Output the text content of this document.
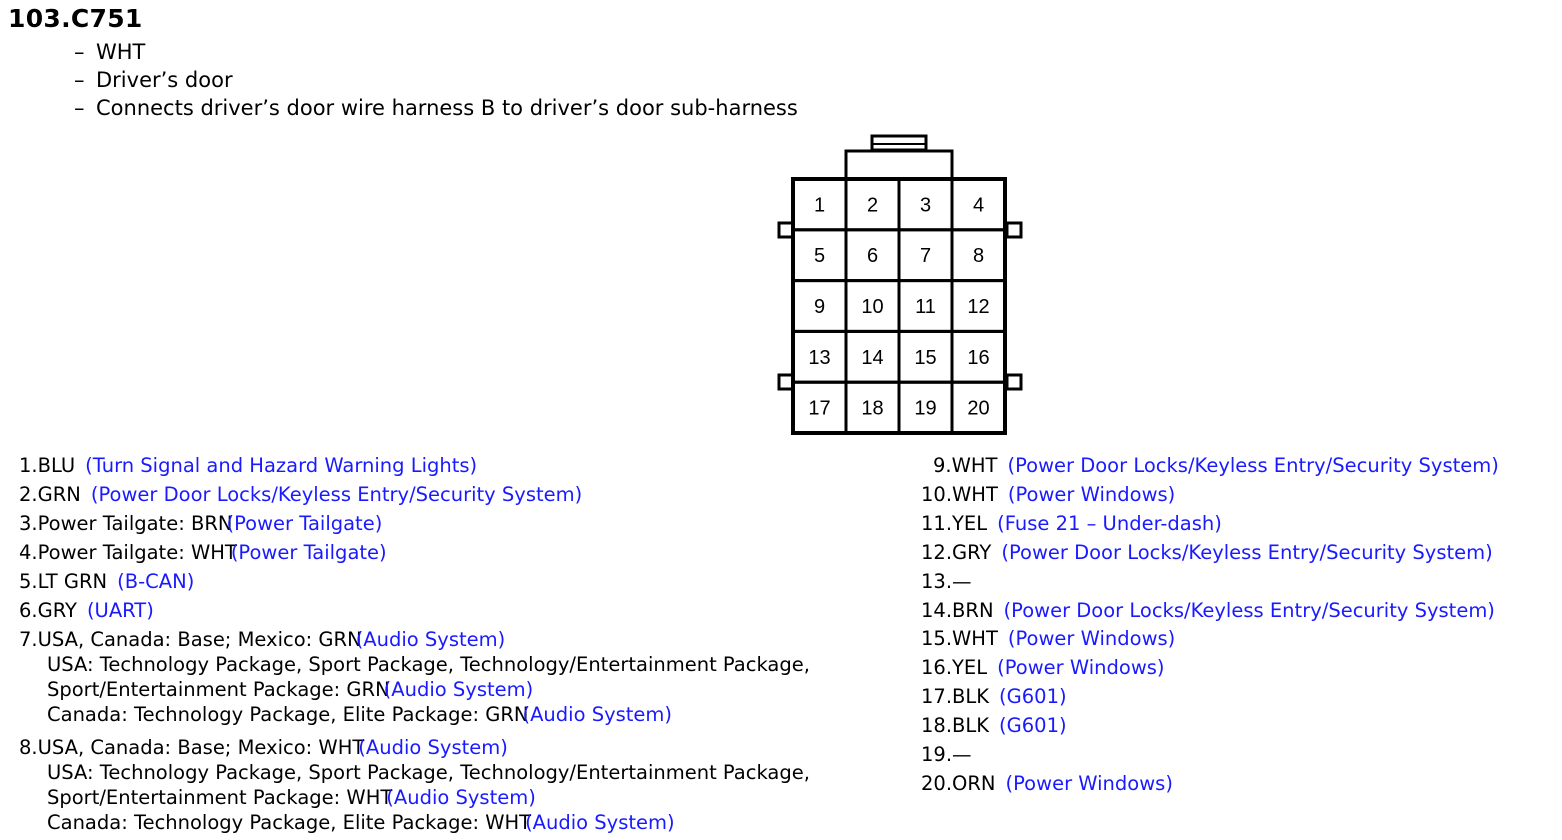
103.C751
– WHT
– Driver’s door
– Connects driver’s door wire harness B to driver’s door sub-harness
1 2 3 4
5 6 7 8
9 10 11 12
13 14 15 16
17 18 19 20
1.BLU (Turn Signal and Hazard Warning Lights)
2.GRN (Power Door Locks/Keyless Entry/Security System)
3.Power Tailgate: BRN(Power Tailgate)
4.Power Tailgate: WHT(Power Tailgate)
5.LT GRN (B-CAN)
6.GRY (UART)
7.USA, Canada: Base; Mexico: GRN(Audio System)
USA: Technology Package, Sport Package, Technology/Entertainment Package,
Sport/Entertainment Package: GRN(Audio System)
Canada: Technology Package, Elite Package: GRN(Audio System)
8.USA, Canada: Base; Mexico: WHT(Audio System)
USA: Technology Package, Sport Package, Technology/Entertainment Package,
Sport/Entertainment Package: WHT(Audio System)
Canada: Technology Package, Elite Package: WHT(Audio System)
9.WHT (Power Door Locks/Keyless Entry/Security System)
10.WHT (Power Windows)
11.YEL (Fuse 21 – Under-dash)
12.GRY (Power Door Locks/Keyless Entry/Security System)
13.—
14.BRN (Power Door Locks/Keyless Entry/Security System)
15.WHT (Power Windows)
16.YEL (Power Windows)
17.BLK (G601)
18.BLK (G601)
19.—
20.ORN (Power Windows)
